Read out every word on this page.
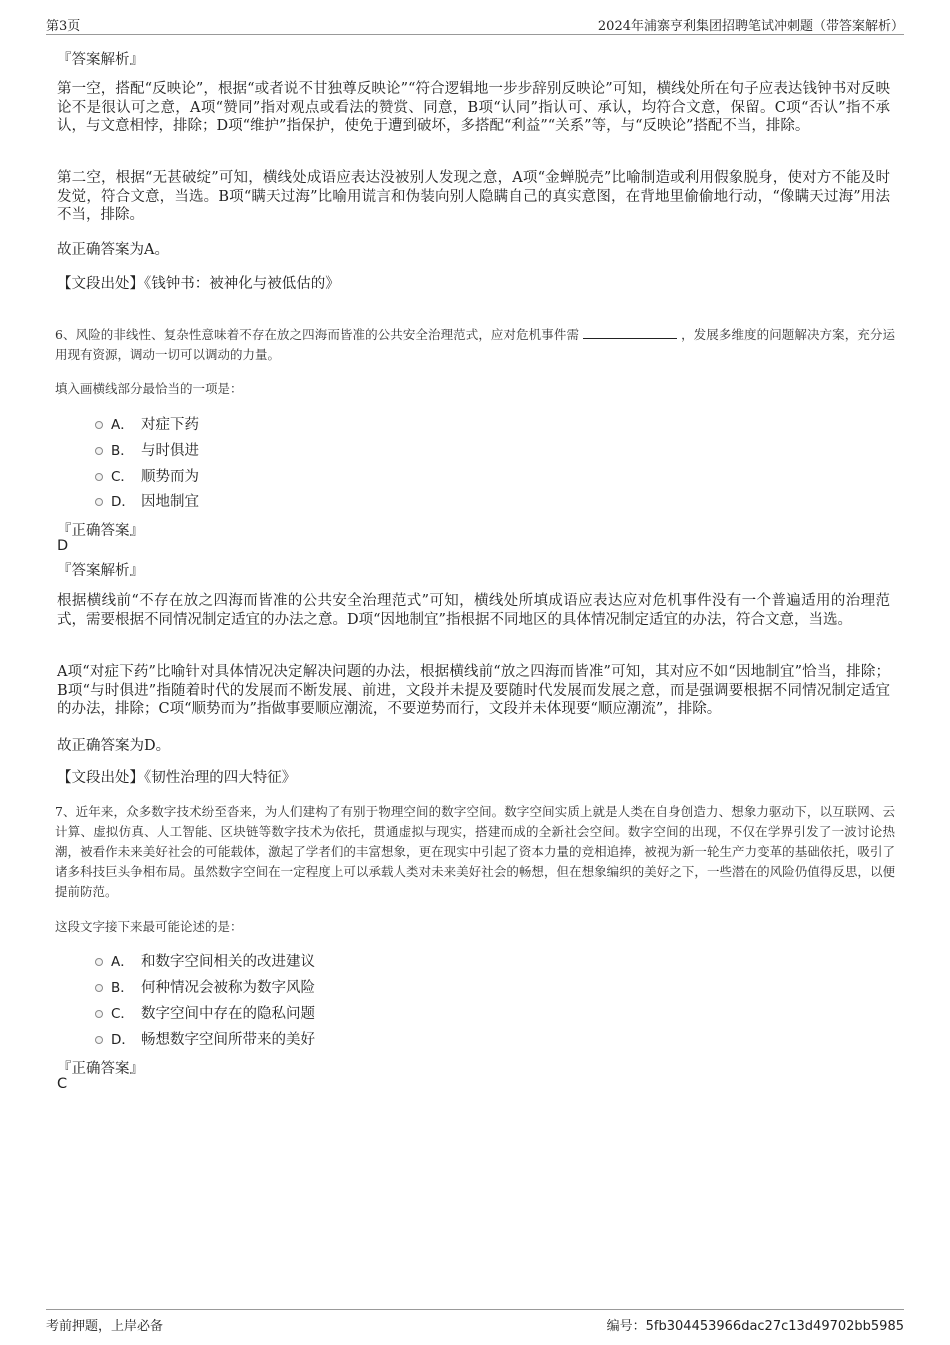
第3页	2024年浦寨亨利集团招聘笔试冲刺题（带答案解析）
『答案解析』
第一空，搭配“反映论”，根据“或者说不甘独尊反映论”“符合逻辑地一步步辞别反映论”可知，横线处所在句子应表达钱钟书对反映论不是很认可之意，A项“赞同”指对观点或看法的赞赏、同意，B项“认同”指认可、承认，均符合文意，保留。C项“否认”指不承认，与文意相悖，排除；D项“维护”指保护，使免于遭到破坏，多搭配“利益”“关系”等，与“反映论”搭配不当，排除。
第二空，根据“无甚破绽”可知，横线处成语应表达没被别人发现之意，A项“金蝉脱壳”比喻制造或利用假象脱身，使对方不能及时发觉，符合文意，当选。B项“瞒天过海”比喻用谎言和伪装向别人隐瞒自己的真实意图，在背地里偷偷地行动，“像瞒天过海”用法不当，排除。
故正确答案为A。
【文段出处】《钱钟书：被神化与被低估的》
6、风险的非线性、复杂性意味着不存在放之四海而皆准的公共安全治理范式，应对危机事件需	，发展多维度的问题解决方案，充分运用现有资源，调动一切可以调动的力量。
填入画横线部分最恰当的一项是：
A． 对症下药
B． 与时俱进
C． 顺势而为
D． 因地制宜
『正确答案』
D
『答案解析』
根据横线前“不存在放之四海而皆准的公共安全治理范式”可知，横线处所填成语应表达应对危机事件没有一个普遍适用的治理范式，需要根据不同情况制定适宜的办法之意。D项“因地制宜”指根据不同地区的具体情况制定适宜的办法，符合文意，当选。
A项“对症下药”比喻针对具体情况决定解决问题的办法，根据横线前“放之四海而皆准”可知，其对应不如“因地制宜”恰当，排除；B项“与时俱进”指随着时代的发展而不断发展、前进，文段并未提及要随时代发展而发展之意，而是强调要根据不同情况制定适宜的办法，排除；C项“顺势而为”指做事要顺应潮流，不要逆势而行，文段并未体现要“顺应潮流”，排除。
故正确答案为D。
【文段出处】《韧性治理的四大特征》
7、近年来，众多数字技术纷至沓来，为人们建构了有别于物理空间的数字空间。数字空间实质上就是人类在自身创造力、想象力驱动下，以互联网、云计算、虚拟仿真、人工智能、区块链等数字技术为依托，贯通虚拟与现实，搭建而成的全新社会空间。数字空间的出现，不仅在学界引发了一波讨论热潮，被看作未来美好社会的可能载体，激起了学者们的丰富想象，更在现实中引起了资本力量的竞相追捧，被视为新一轮生产力变革的基础依托，吸引了诸多科技巨头争相布局。虽然数字空间在一定程度上可以承载人类对未来美好社会的畅想，但在想象编织的美好之下，一些潜在的风险仍值得反思，以便提前防范。
这段文字接下来最可能论述的是：
A． 和数字空间相关的改进建议
B． 何种情况会被称为数字风险
C． 数字空间中存在的隐私问题
D． 畅想数字空间所带来的美好
『正确答案』
C
考前押题，上岸必备	编号：5fb304453966dac27c13d49702bb5985
